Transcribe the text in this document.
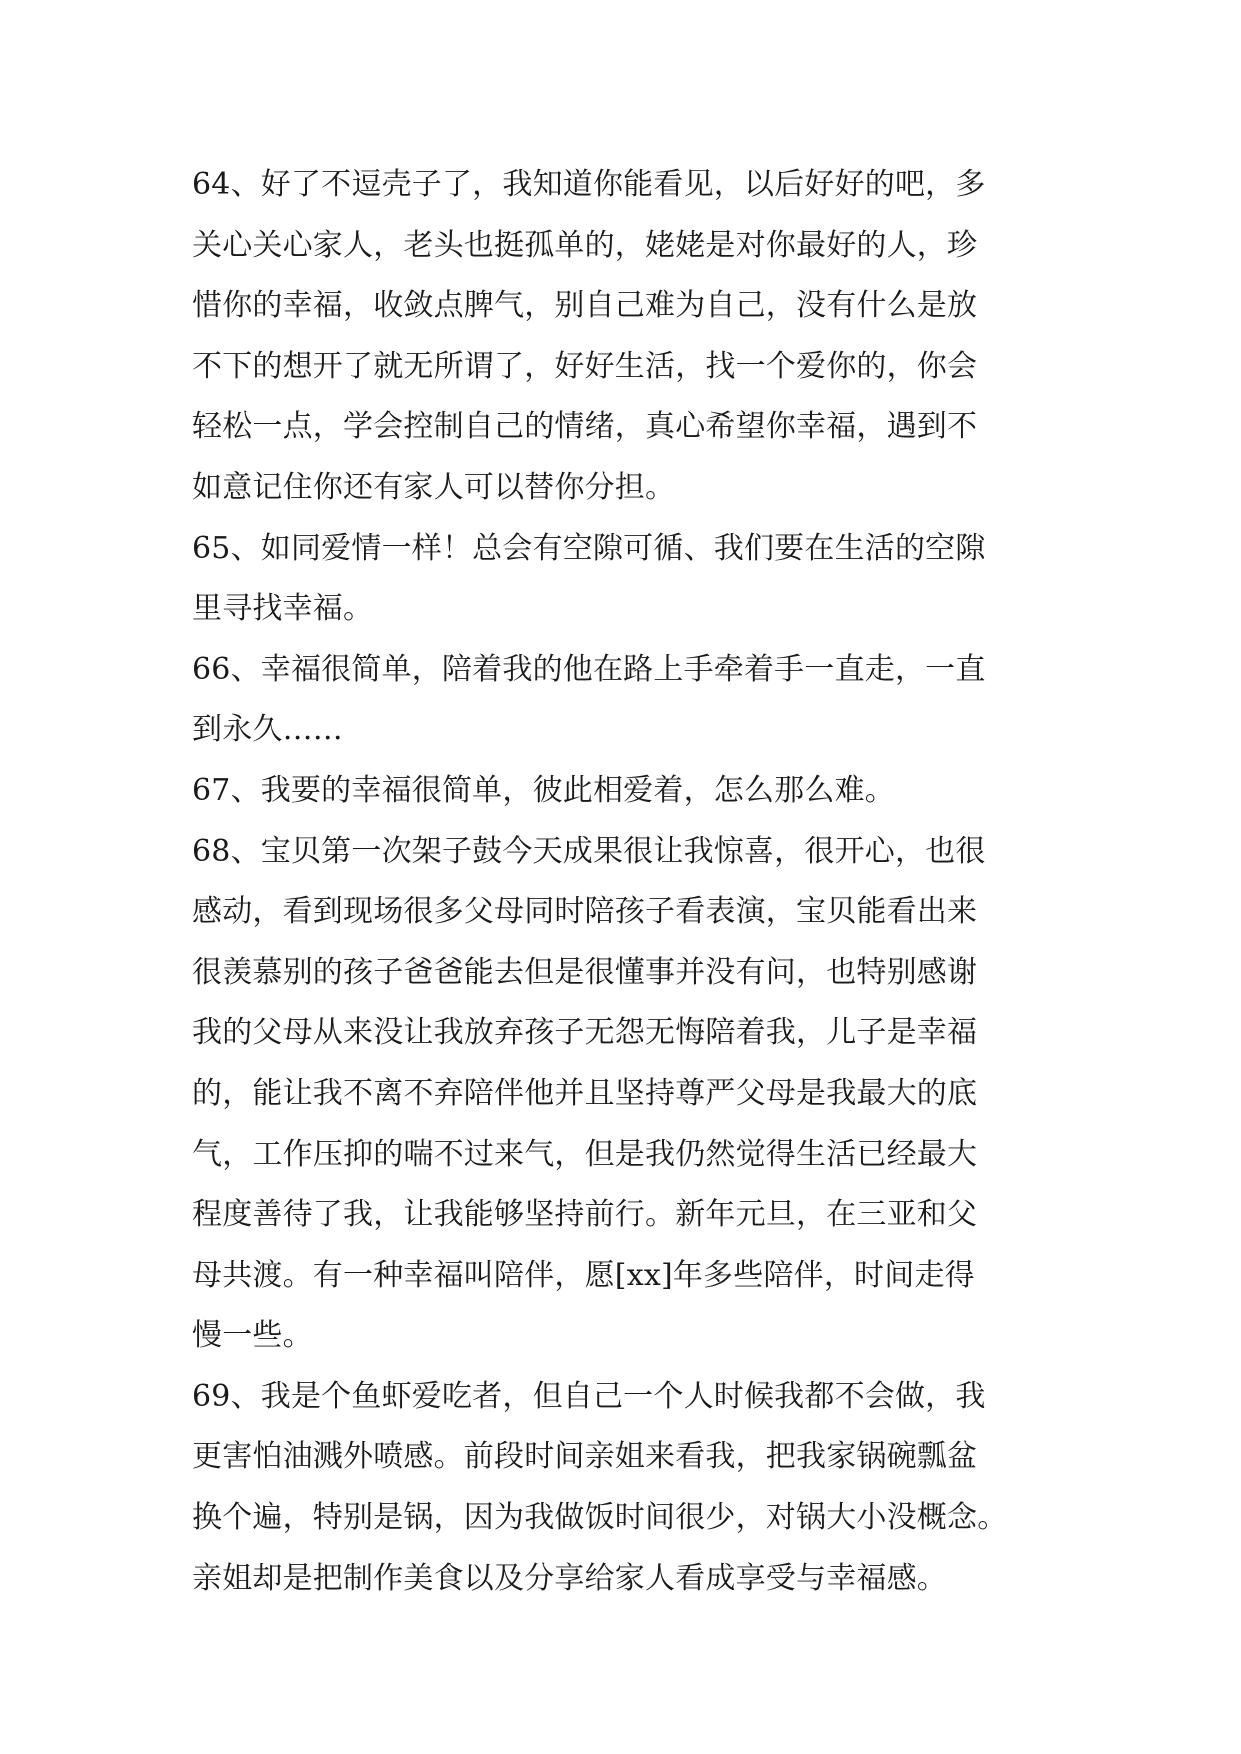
64、好了不逗壳子了，我知道你能看见，以后好好的吧，多
关心关心家人，老头也挺孤单的，姥姥是对你最好的人，珍
惜你的幸福，收敛点脾气，别自己难为自己，没有什么是放
不下的想开了就无所谓了，好好生活，找一个爱你的，你会
轻松一点，学会控制自己的情绪，真心希望你幸福，遇到不
如意记住你还有家人可以替你分担。
65、如同爱情一样！总会有空隙可循、我们要在生活的空隙
里寻找幸福。
66、幸福很简单，陪着我的他在路上手牵着手一直走，一直
到永久……
67、我要的幸福很简单，彼此相爱着，怎么那么难。
68、宝贝第一次架子鼓今天成果很让我惊喜，很开心，也很
感动，看到现场很多父母同时陪孩子看表演，宝贝能看出来
很羡慕别的孩子爸爸能去但是很懂事并没有问，也特别感谢
我的父母从来没让我放弃孩子无怨无悔陪着我，儿子是幸福
的，能让我不离不弃陪伴他并且坚持尊严父母是我最大的底
气，工作压抑的喘不过来气，但是我仍然觉得生活已经最大
程度善待了我，让我能够坚持前行。新年元旦，在三亚和父
母共渡。有一种幸福叫陪伴，愿[xx]年多些陪伴，时间走得
慢一些。
69、我是个鱼虾爱吃者，但自己一个人时候我都不会做，我
更害怕油溅外喷感。前段时间亲姐来看我，把我家锅碗瓢盆
换个遍，特别是锅，因为我做饭时间很少，对锅大小没概念。
亲姐却是把制作美食以及分享给家人看成享受与幸福感。
